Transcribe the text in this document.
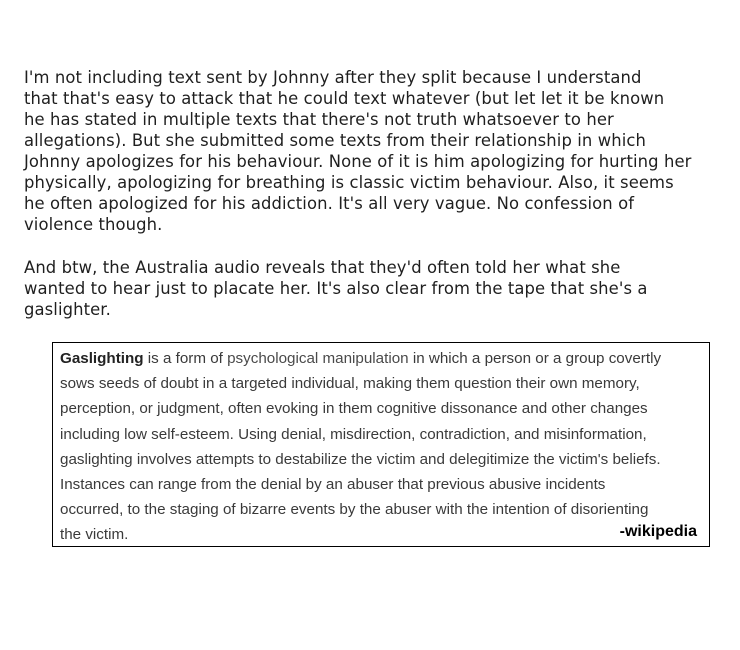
I'm not including text sent by Johnny after they split because I understand
that that's easy to attack that he could text whatever (but let let it be known
he has stated in multiple texts that there's not truth whatsoever to her
allegations). But she submitted some texts from their relationship in which
Johnny apologizes for his behaviour. None of it is him apologizing for hurting her
physically, apologizing for breathing is classic victim behaviour. Also, it seems
he often apologized for his addiction. It's all very vague. No confession of
violence though.

And btw, the Australia audio reveals that they'd often told her what she
wanted to hear just to placate her. It's also clear from the tape that she's a
gaslighter.

Gaslighting is a form of psychological manipulation in which a person or a group covertly
sows seeds of doubt in a targeted individual, making them question their own memory,
perception, or judgment, often evoking in them cognitive dissonance and other changes
including low self-esteem. Using denial, misdirection, contradiction, and misinformation,
gaslighting involves attempts to destabilize the victim and delegitimize the victim's beliefs.
Instances can range from the denial by an abuser that previous abusive incidents
occurred, to the staging of bizarre events by the abuser with the intention of disorienting
the victim.	-wikipedia
